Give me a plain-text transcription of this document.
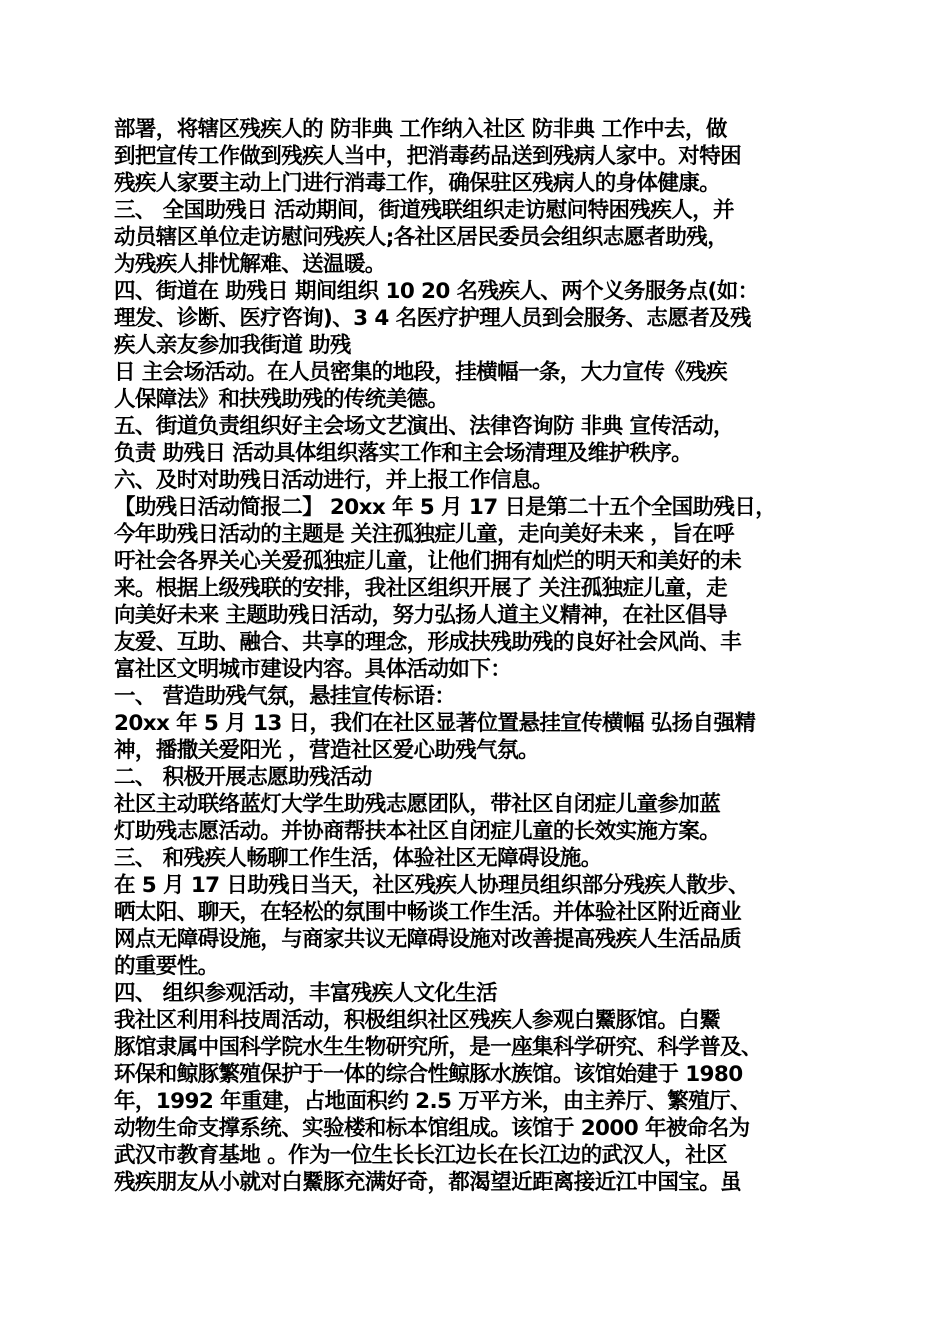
部署，将辖区残疾人的 防非典 工作纳入社区 防非典 工作中去，做
到把宣传工作做到残疾人当中，把消毒药品送到残病人家中。对特困
残疾人家要主动上门进行消毒工作，确保驻区残病人的身体健康。
三、 全国助残日 活动期间，街道残联组织走访慰问特困残疾人，并
动员辖区单位走访慰问残疾人;各社区居民委员会组织志愿者助残，
为残疾人排忧解难、送温暖。
四、街道在 助残日 期间组织 10 20 名残疾人、两个义务服务点(如：
理发、诊断、医疗咨询)、3 4 名医疗护理人员到会服务、志愿者及残
疾人亲友参加我街道 助残
日 主会场活动。在人员密集的地段，挂横幅一条，大力宣传《残疾
人保障法》和扶残助残的传统美德。
五、街道负责组织好主会场文艺演出、法律咨询防 非典 宣传活动，
负责 助残日 活动具体组织落实工作和主会场清理及维护秩序。
六、及时对助残日活动进行，并上报工作信息。
【助残日活动简报二】 20xx 年 5 月 17 日是第二十五个全国助残日，
今年助残日活动的主题是 关注孤独症儿童，走向美好未来 ，旨在呼
吁社会各界关心关爱孤独症儿童，让他们拥有灿烂的明天和美好的未
来。根据上级残联的安排，我社区组织开展了 关注孤独症儿童，走
向美好未来 主题助残日活动，努力弘扬人道主义精神，在社区倡导
友爱、互助、融合、共享的理念，形成扶残助残的良好社会风尚、丰
富社区文明城市建设内容。具体活动如下：
一、 营造助残气氛，悬挂宣传标语：
20xx 年 5 月 13 日，我们在社区显著位置悬挂宣传横幅 弘扬自强精
神，播撒关爱阳光 ，营造社区爱心助残气氛。
二、 积极开展志愿助残活动
社区主动联络蓝灯大学生助残志愿团队，带社区自闭症儿童参加蓝
灯助残志愿活动。并协商帮扶本社区自闭症儿童的长效实施方案。
三、 和残疾人畅聊工作生活，体验社区无障碍设施。
在 5 月 17 日助残日当天，社区残疾人协理员组织部分残疾人散步、
晒太阳、聊天，在轻松的氛围中畅谈工作生活。并体验社区附近商业
网点无障碍设施，与商家共议无障碍设施对改善提高残疾人生活品质
的重要性。
四、 组织参观活动，丰富残疾人文化生活
我社区利用科技周活动，积极组织社区残疾人参观白鱀豚馆。白鱀
豚馆隶属中国科学院水生生物研究所，是一座集科学研究、科学普及、
环保和鲸豚繁殖保护于一体的综合性鲸豚水族馆。该馆始建于 1980
年，1992 年重建，占地面积约 2.5 万平方米，由主养厅、繁殖厅、
动物生命支撑系统、实验楼和标本馆组成。该馆于 2000 年被命名为
武汉市教育基地 。作为一位生长长江边长在长江边的武汉人，社区
残疾朋友从小就对白鱀豚充满好奇，都渴望近距离接近江中国宝。虽
